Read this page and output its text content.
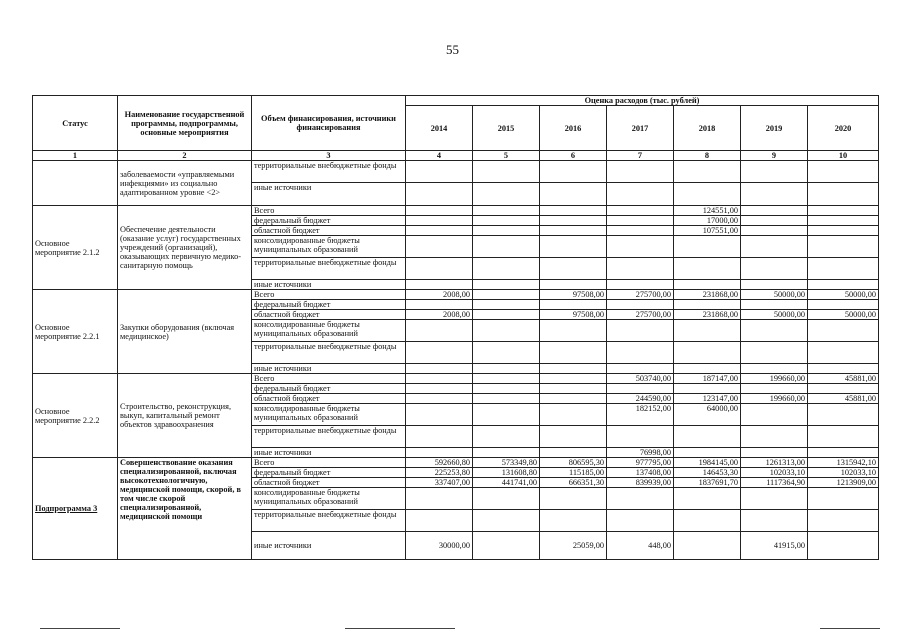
55
Статус	Наименование государственной программы, подпрограммы, основные мероприятия	Объем финансирования, источники финансирования	Оценка расходов (тыс. рублей)						
			2014	2015	2016	2017	2018	2019	2020
1	2	3	4	5	6	7	8	9	10
	заболеваемости «управляемыми инфекциями» из социально адаптированном уровне <2>	территориальные внебюджетные фонды							
		иные источники							
Основное мероприятие 2.1.2	Обеспечение деятельности (оказание услуг) государственных учреждений (организаций), оказывающих первичную медико-санитарную помощь	Всего					124551,00		
		федеральный бюджет					17000,00		
		областной бюджет					107551,00		
		консолидированные бюджеты муниципальных образований							
		территориальные внебюджетные фонды							
		иные источники							
Основное мероприятие 2.2.1	Закупки оборудования (включая медицинское)	Всего	2008,00		97508,00	275700,00	231868,00	50000,00	50000,00
		федеральный бюджет							
		областной бюджет	2008,00		97508,00	275700,00	231868,00	50000,00	50000,00
		консолидированные бюджеты муниципальных образований							
		территориальные внебюджетные фонды							
		иные источники							
Основное мероприятие 2.2.2	Строительство, реконструкция, выкуп, капитальный ремонт объектов здравоохранения	Всего				503740,00	187147,00	199660,00	45881,00
		федеральный бюджет							
		областной бюджет				244590,00	123147,00	199660,00	45881,00
		консолидированные бюджеты муниципальных образований				182152,00	64000,00		
		территориальные внебюджетные фонды							
		иные источники				76998,00			
Подпрограмма 3	Совершенствование оказания специализированной, включая высокотехнологичную, медицинской помощи, скорой, в том числе скорой специализированной, медицинской помощи	Всего	592660,80	573349,80	806595,30	977795,00	1984145,00	1261313,00	1315942,10
		федеральный бюджет	225253,80	131608,80	115185,00	137408,00	146453,30	102033,10	102033,10
		областной бюджет	337407,00	441741,00	666351,30	839939,00	1837691,70	1117364,90	1213909,00
		консолидированные бюджеты муниципальных образований							
		территориальные внебюджетные фонды							
		иные источники	30000,00		25059,00	448,00		41915,00	
